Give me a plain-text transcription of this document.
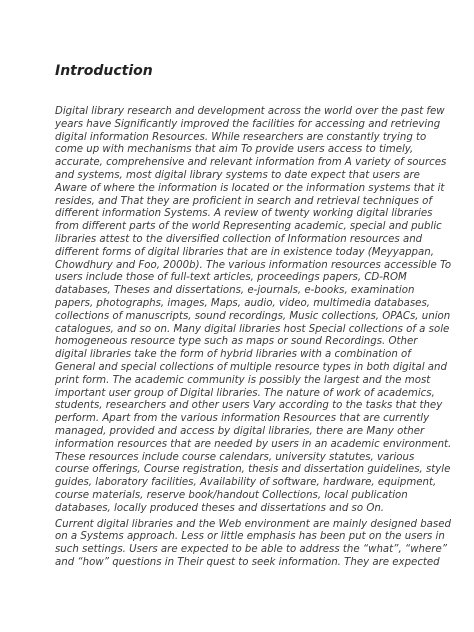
Introduction
Digital library research and development across the world over the past few
years have Significantly improved the facilities for accessing and retrieving
digital information Resources. While researchers are constantly trying to
come up with mechanisms that aim To provide users access to timely,
accurate, comprehensive and relevant information from A variety of sources
and systems, most digital library systems to date expect that users are
Aware of where the information is located or the information systems that it
resides, and That they are proficient in search and retrieval techniques of
different information Systems. A review of twenty working digital libraries
from different parts of the world Representing academic, special and public
libraries attest to the diversified collection of Information resources and
different forms of digital libraries that are in existence today (Meyyappan,
Chowdhury and Foo, 2000b). The various information resources accessible To
users include those of full-text articles, proceedings papers, CD-ROM
databases, Theses and dissertations, e-journals, e-books, examination
papers, photographs, images, Maps, audio, video, multimedia databases,
collections of manuscripts, sound recordings, Music collections, OPACs, union
catalogues, and so on. Many digital libraries host Special collections of a sole
homogeneous resource type such as maps or sound Recordings. Other
digital libraries take the form of hybrid libraries with a combination of
General and special collections of multiple resource types in both digital and
print form. The academic community is possibly the largest and the most
important user group of Digital libraries. The nature of work of academics,
students, researchers and other users Vary according to the tasks that they
perform. Apart from the various information Resources that are currently
managed, provided and access by digital libraries, there are Many other
information resources that are needed by users in an academic environment.
These resources include course calendars, university statutes, various
course offerings, Course registration, thesis and dissertation guidelines, style
guides, laboratory facilities, Availability of software, hardware, equipment,
course materials, reserve book/handout Collections, local publication
databases, locally produced theses and dissertations and so On.
Current digital libraries and the Web environment are mainly designed based
on a Systems approach. Less or little emphasis has been put on the users in
such settings. Users are expected to be able to address the “what”, “where”
and “how” questions in Their quest to seek information. They are expected
